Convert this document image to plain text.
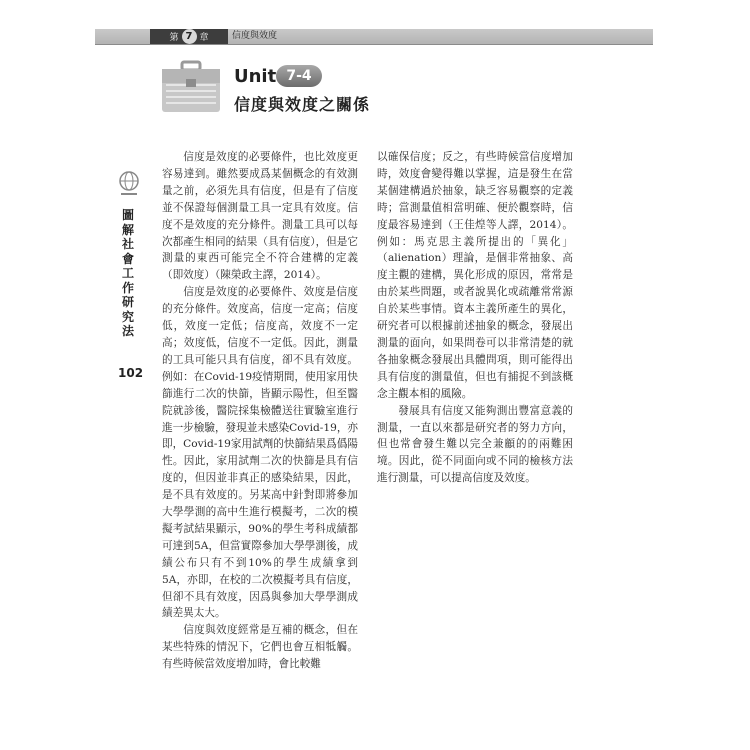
第 7 章	信度與效度
Unit 7-4
信度與效度之關係
圖解社會工作研究法
102

信度是效度的必要條件，也比效度更容易達到。雖然要成爲某個概念的有效測量之前，必須先具有信度，但是有了信度並不保證每個測量工具一定具有效度。信度不是效度的充分條件。測量工具可以每次都產生相同的結果（具有信度），但是它測量的東西可能完全不符合建構的定義（即效度）（陳榮政主譯，2014）。

信度是效度的必要條件、效度是信度的充分條件。效度高，信度一定高；信度低，效度一定低；信度高，效度不一定高；效度低，信度不一定低。因此，測量的工具可能只具有信度，卻不具有效度。例如：在Covid-19疫情期間，使用家用快篩進行二次的快篩，皆顯示陽性，但至醫院就診後，醫院採集檢體送往實驗室進行進一步檢驗，發現並未感染Covid-19，亦即，Covid-19家用試劑的快篩結果爲僞陽性。因此，家用試劑二次的快篩是具有信度的，但因並非真正的感染結果，因此，是不具有效度的。另某高中針對即將參加大學學測的高中生進行模擬考，二次的模擬考試結果顯示，90%的學生考科成績都可達到5A，但當實際參加大學學測後，成績公布只有不到10%的學生成績拿到5A，亦即，在校的二次模擬考具有信度，但卻不具有效度，因爲與參加大學學測成績差異太大。

信度與效度經常是互補的概念，但在某些特殊的情況下，它們也會互相牴觸。有些時候當效度增加時，會比較難

以確保信度；反之，有些時候當信度增加時，效度會變得難以掌握，這是發生在當某個建構過於抽象，缺乏容易觀察的定義時；當測量值相當明確、便於觀察時，信度最容易達到（王佳煌等人譯，2014）。例如：馬克思主義所提出的「異化」（alienation）理論，是個非常抽象、高度主觀的建構，異化形成的原因，常常是由於某些問題，或者說異化或疏離常常源自於某些事情。資本主義所產生的異化，研究者可以根據前述抽象的概念，發展出測量的面向，如果問卷可以非常清楚的就各抽象概念發展出具體問項，則可能得出具有信度的測量值，但也有捕捉不到該概念主觀本相的風險。

發展具有信度又能夠測出豐富意義的測量，一直以來都是研究者的努力方向，但也常會發生難以完全兼顧的的兩難困境。因此，從不同面向或不同的檢核方法進行測量，可以提高信度及效度。
